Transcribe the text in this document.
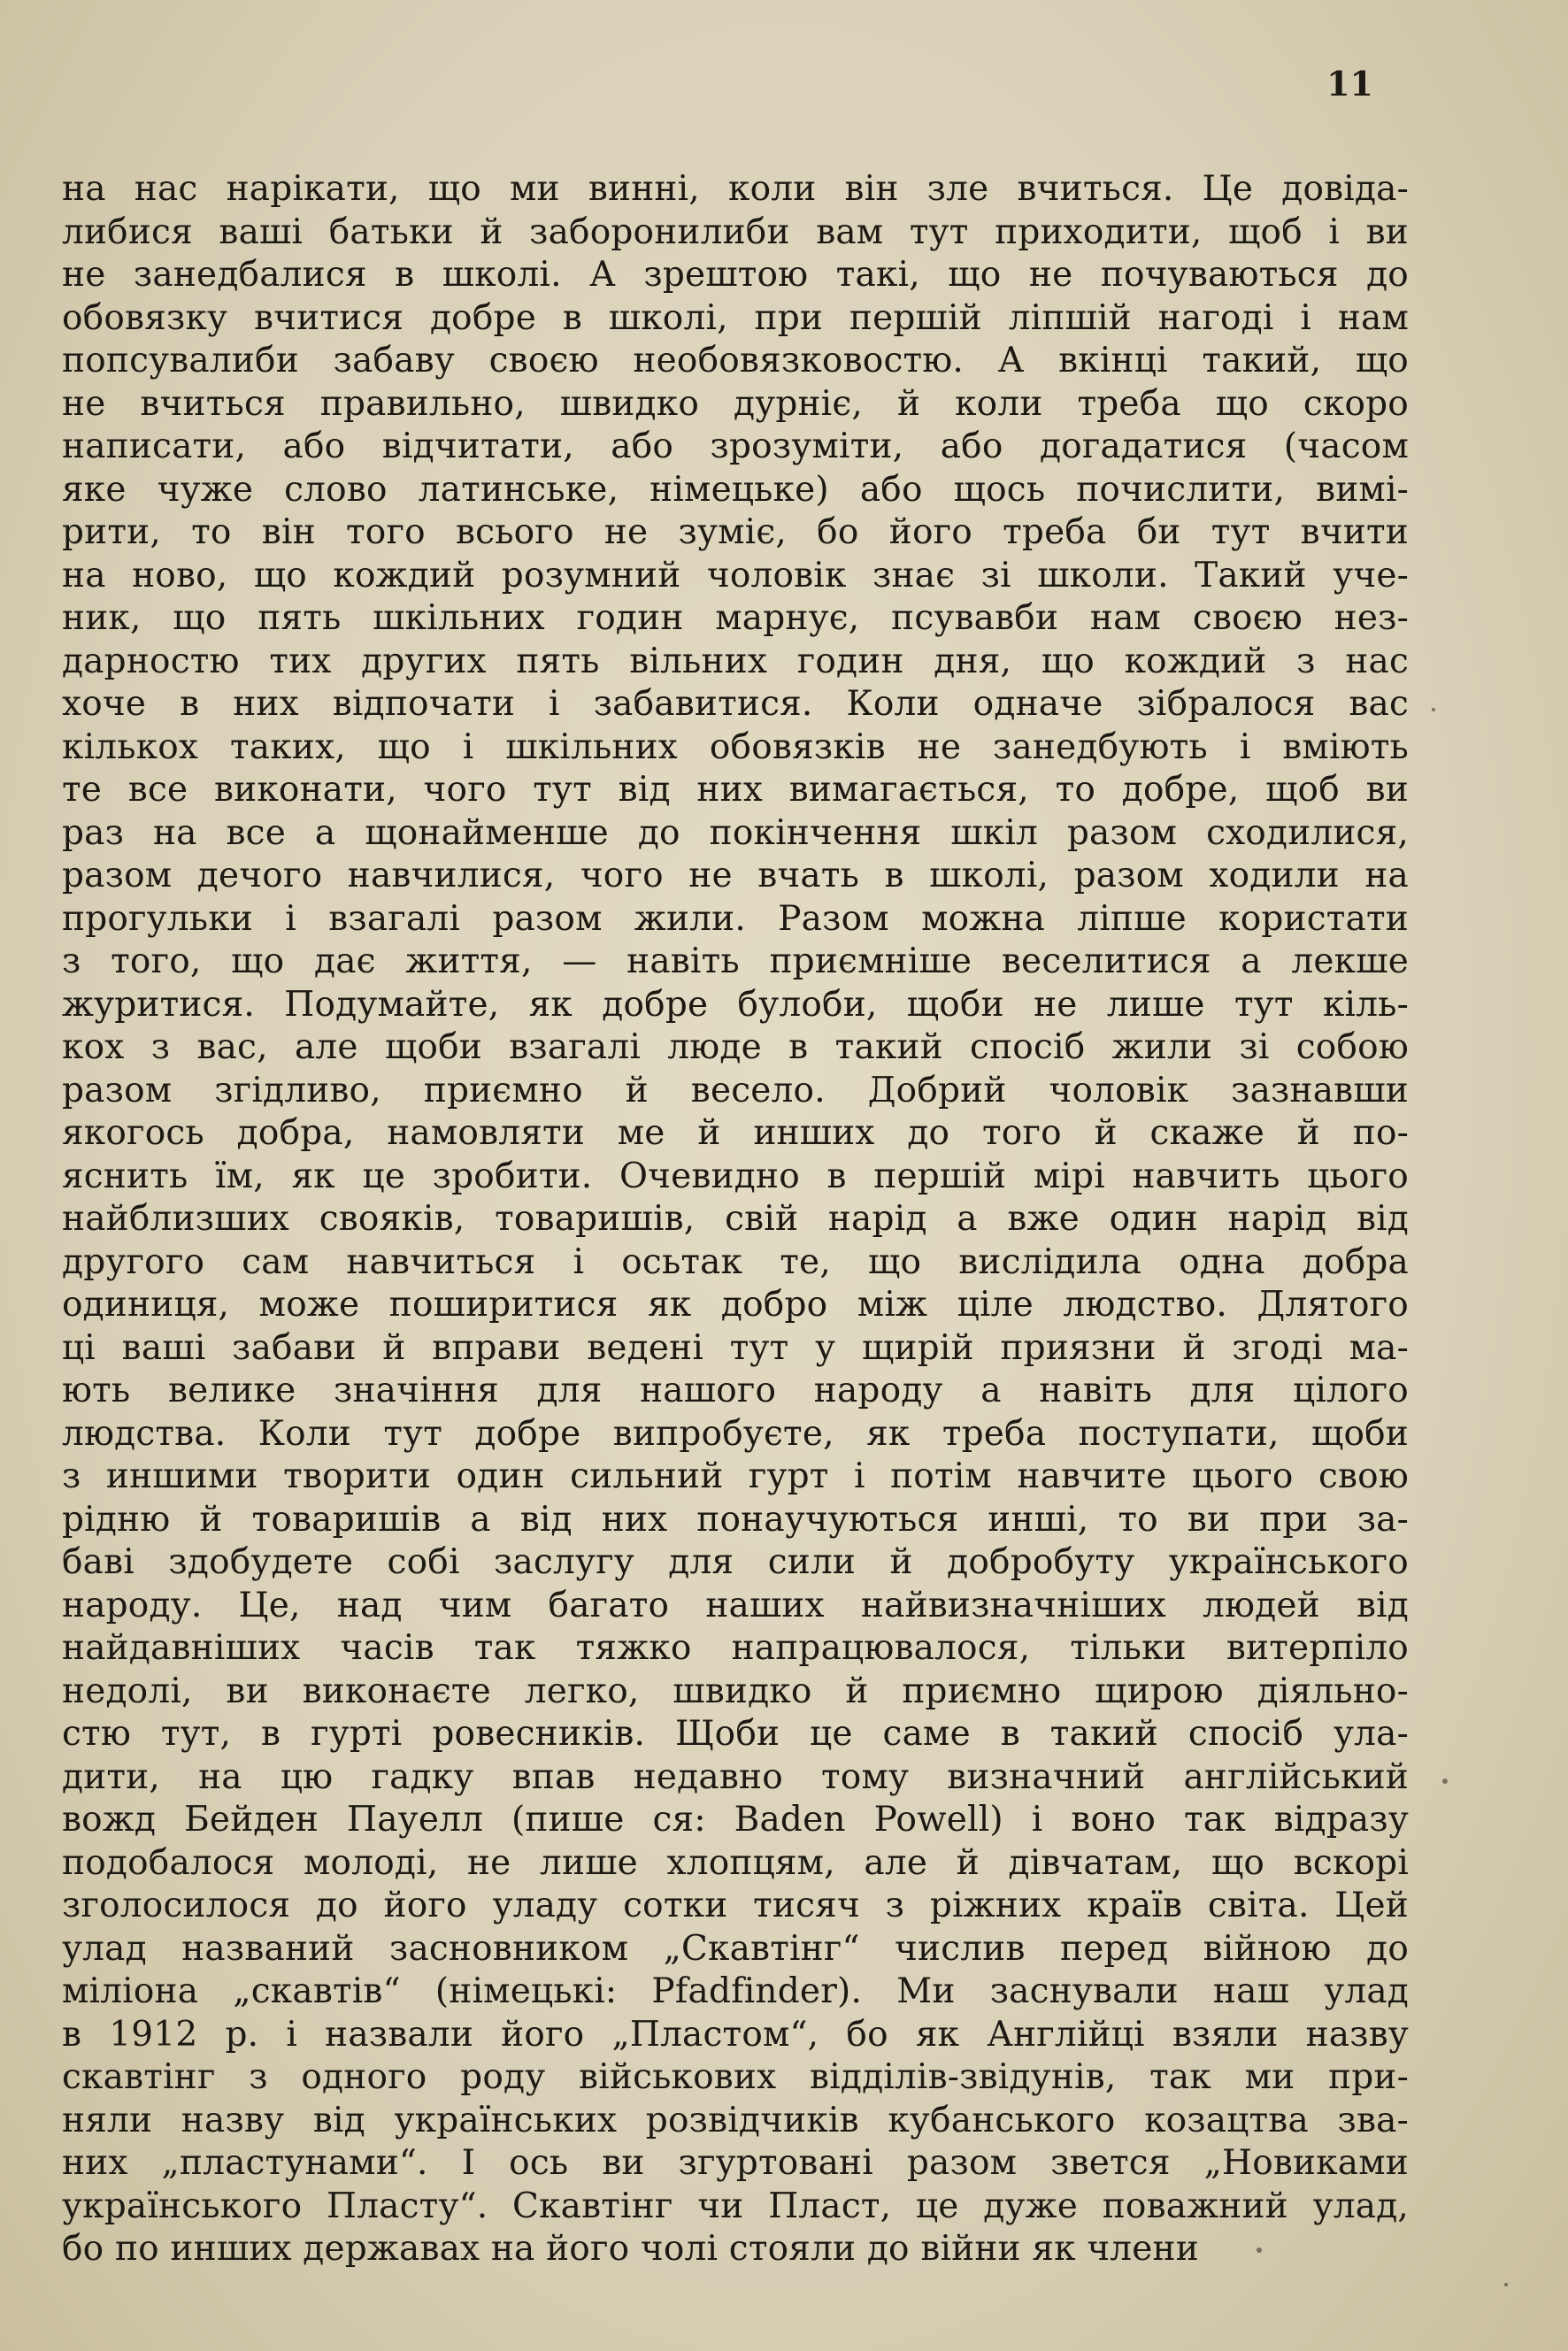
11
на нас нарікати, що ми винні, коли він зле вчиться. Це довіда-
либися ваші батьки й заборонилиби вам тут приходити, щоб і ви
не занедбалися в школі. А зрештою такі, що не почуваються до
обовязку вчитися добре в школі, при першій ліпшій нагоді і нам
попсувалиби забаву своєю необовязковостю. А вкінці такий, що
не вчиться правильно, швидко дурніє, й коли треба що скоро
написати, або відчитати, або зрозуміти, або догадатися (часом
яке чуже слово латинське, німецьке) або щось почислити, вимі-
рити, то він того всього не зуміє, бо його треба би тут вчити
на ново, що кождий розумний чоловік знає зі школи. Такий уче-
ник, що пять шкільних годин марнує, псувавби нам своєю нез-
дарностю тих других пять вільних годин дня, що кождий з нас
хоче в них відпочати і забавитися. Коли одначе зібралося вас
кількох таких, що і шкільних обовязків не занедбують і вміють
те все виконати, чого тут від них вимагається, то добре, щоб ви
раз на все а щонайменше до покінчення шкіл разом сходилися,
разом дечого навчилися, чого не вчать в школі, разом ходили на
прогульки і взагалі разом жили. Разом можна ліпше користати
з того, що дає життя, — навіть приємніше веселитися а лекше
журитися. Подумайте, як добре булоби, щоби не лише тут кіль-
кох з вас, але щоби взагалі люде в такий спосіб жили зі собою
разом згідливо, приємно й весело. Добрий чоловік зазнавши
якогось добра, намовляти ме й инших до того й скаже й по-
яснить їм, як це зробити. Очевидно в першій мірі навчить цього
найблизших свояків, товаришів, свій нарід а вже один нарід від
другого сам навчиться і осьтак те, що вислідила одна добра
одиниця, може поширитися як добро між ціле людство. Длятого
ці ваші забави й вправи ведені тут у щирій приязни й згоді ма-
ють велике значіння для нашого народу а навіть для цілого
людства. Коли тут добре випробуєте, як треба поступати, щоби
з иншими творити один сильний гурт і потім навчите цього свою
рідню й товаришів а від них понаучуються инші, то ви при за-
баві здобудете собі заслугу для сили й добробуту українського
народу. Це, над чим багато наших найвизначніших людей від
найдавніших часів так тяжко напрацювалося, тільки витерпіло
недолі, ви виконаєте легко, швидко й приємно щирою діяльно-
стю тут, в гурті ровесників. Щоби це саме в такий спосіб ула-
дити, на цю гадку впав недавно тому визначний англійський
вожд Бейден Пауелл (пише ся: Baden Powell) і воно так відразу
подобалося молоді, не лише хлопцям, але й дівчатам, що вскорі
зголосилося до його уладу сотки тисяч з ріжних країв світа. Цей
улад названий засновником „Скавтінг“ числив перед війною до
міліона „скавтів“ (німецькі: Pfadfinder). Ми заснували наш улад
в 1912 р. і назвали його „Пластом“, бо як Англійці взяли назву
скавтінг з одного роду військових відділів-звідунів, так ми при-
няли назву від українських розвідчиків кубанського козацтва зва-
них „пластунами“. І ось ви згуртовані разом звется „Новиками
українського Пласту“. Скавтінг чи Пласт, це дуже поважний улад,
бо по инших державах на його чолі стояли до війни як члени
